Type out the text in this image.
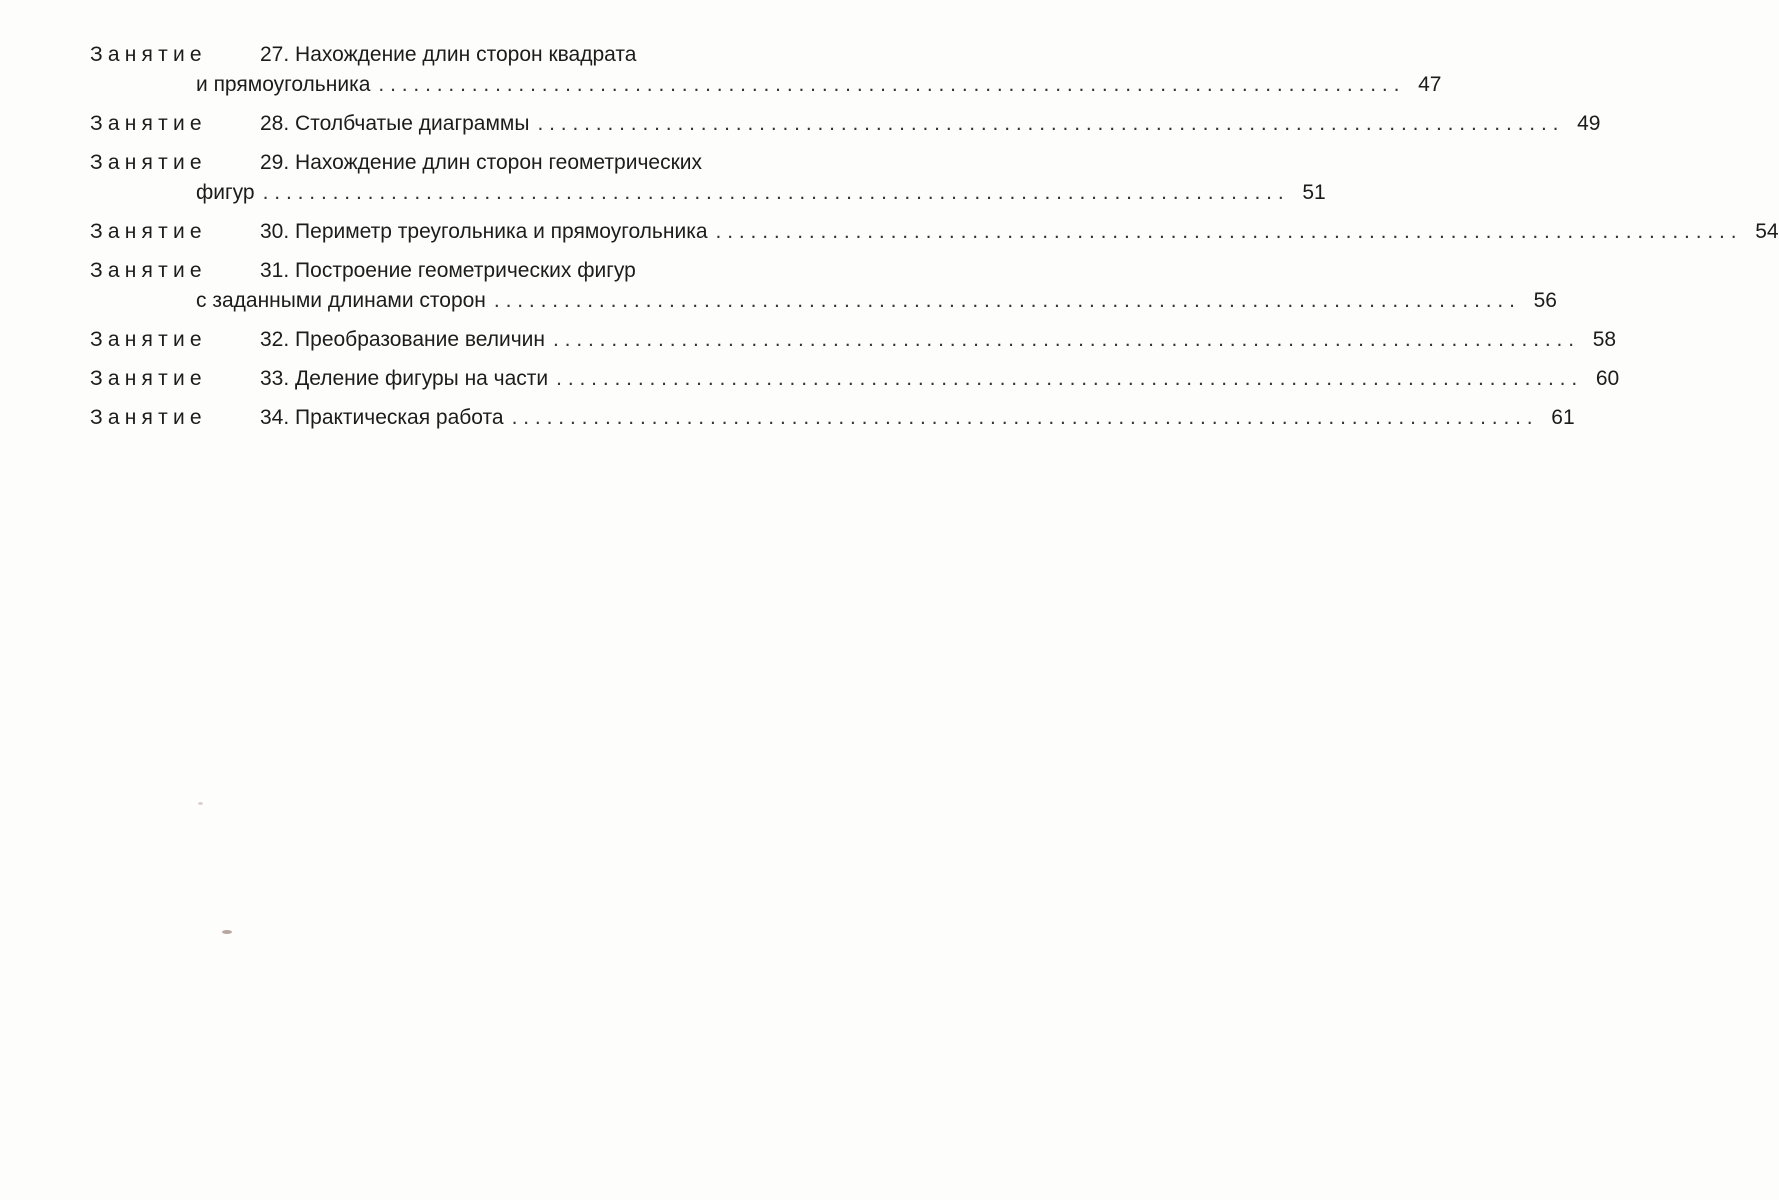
Занятие	27.
Нахождение длин сторон квадрата
и прямоугольника . . .	47
Занятие	28.
Столбчатые диаграммы . . .	49
Занятие	29.
Нахождение длин сторон геометрических
фигур . . .	51
Занятие	30.
Периметр треугольника и прямоугольника . . .	54
Занятие	31.
Построение геометрических фигур
с заданными длинами сторон . . .	56
Занятие	32.
Преобразование величин . . .	58
Занятие	33.
Деление фигуры на части . . .	60
Занятие	34.
Практическая работа . . .	61
